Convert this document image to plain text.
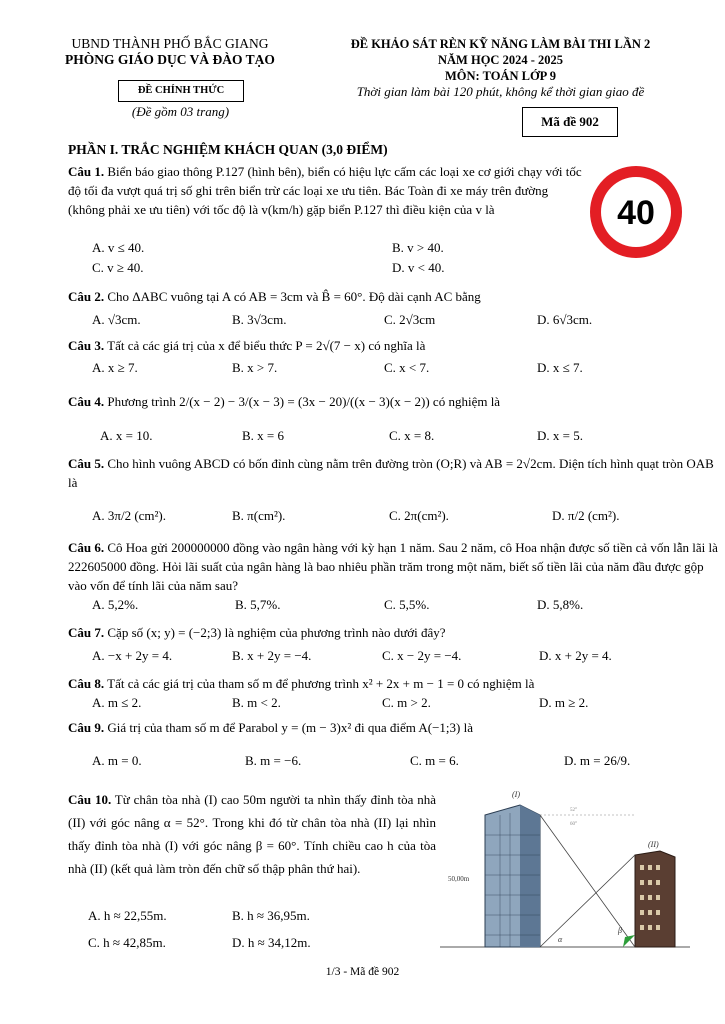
UBND THÀNH PHỐ BẮC GIANG
PHÒNG GIÁO DỤC VÀ ĐÀO TẠO
ĐỀ CHÍNH THỨC
(Đề gồm 03 trang)
ĐỀ KHẢO SÁT RÈN KỸ NĂNG LÀM BÀI THI LẦN 2
NĂM HỌC 2024 - 2025
MÔN: TOÁN LỚP 9
Thời gian làm bài 120 phút, không kể thời gian giao đề
Mã đề 902
PHẦN I. TRẮC NGHIỆM KHÁCH QUAN (3,0 ĐIỂM)
40
Câu 1. Biển báo giao thông P.127 (hình bên), biển có hiệu lực cấm các loại xe cơ giới chạy với tốc độ tối đa vượt quá trị số ghi trên biển trừ các loại xe ưu tiên. Bác Toàn đi xe máy trên đường (không phải xe ưu tiên) với tốc độ là v(km/h) gặp biển P.127 thì điều kiện của v là
A. v ≤ 40.	B. v > 40.
C. v ≥ 40.	D. v < 40.
Câu 2. Cho ΔABC vuông tại A có AB = 3cm và B̂ = 60°. Độ dài cạnh AC bằng
A. √3cm.	B. 3√3cm.	C. 2√3cm	D. 6√3cm.
Câu 3. Tất cả các giá trị của x để biểu thức P = 2√(7 − x) có nghĩa là
A. x ≥ 7.	B. x > 7.	C. x < 7.	D. x ≤ 7.
Câu 4. Phương trình 2/(x − 2) − 3/(x − 3) = (3x − 20)/((x − 3)(x − 2)) có nghiệm là
A. x = 10.	B. x = 6	C. x = 8.	D. x = 5.
Câu 5. Cho hình vuông ABCD có bốn đỉnh cùng nằm trên đường tròn (O;R) và AB = 2√2cm. Diện tích hình quạt tròn OAB là
A. 3π/2 (cm²).	B. π(cm²).	C. 2π(cm²).	D. π/2 (cm²).
Câu 6. Cô Hoa gửi 200000000 đồng vào ngân hàng với kỳ hạn 1 năm. Sau 2 năm, cô Hoa nhận được số tiền cả vốn lẫn lãi là 222605000 đồng. Hỏi lãi suất của ngân hàng là bao nhiêu phần trăm trong một năm, biết số tiền lãi của năm đầu được gộp vào vốn để tính lãi của năm sau?
A. 5,2%.	B. 5,7%.	C. 5,5%.	D. 5,8%.
Câu 7. Cặp số (x; y) = (−2;3) là nghiệm của phương trình nào dưới đây?
A. −x + 2y = 4.	B. x + 2y = −4.	C. x − 2y = −4.	D. x + 2y = 4.
Câu 8. Tất cả các giá trị của tham số m để phương trình x² + 2x + m − 1 = 0 có nghiệm là
A. m ≤ 2.	B. m < 2.	C. m > 2.	D. m ≥ 2.
Câu 9. Giá trị của tham số m để Parabol y = (m − 3)x² đi qua điểm A(−1;3) là
A. m = 0.	B. m = −6.	C. m = 6.	D. m = 26/9.
Câu 10. Từ chân tòa nhà (I) cao 50m người ta nhìn thấy đỉnh tòa nhà (II) với góc nâng α = 52°. Trong khi đó từ chân tòa nhà (II) lại nhìn thấy đỉnh tòa nhà (I) với góc nâng β = 60°. Tính chiều cao h của tòa nhà (II) (kết quả làm tròn đến chữ số thập phân thứ hai).
A. h ≈ 22,55m.	B. h ≈ 36,95m.
C. h ≈ 42,85m.	D. h ≈ 34,12m.
(I)
(II)
50,00m
α
β
52°
60°
1/3 - Mã đề 902
